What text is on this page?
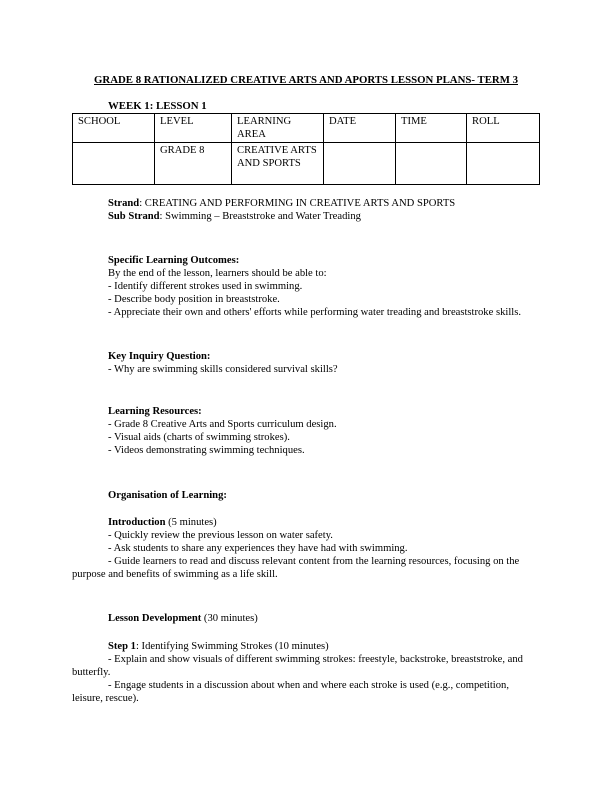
GRADE 8 RATIONALIZED CREATIVE ARTS AND APORTS LESSON PLANS- TERM 3
WEEK 1: LESSON 1
SCHOOL	LEVEL	LEARNING AREA	DATE	TIME	ROLL
	GRADE 8	CREATIVE ARTS AND SPORTS			

Strand: CREATING AND PERFORMING IN CREATIVE ARTS AND SPORTS

Sub Strand: Swimming – Breaststroke and Water Treading

Specific Learning Outcomes:

By the end of the lesson, learners should be able to:

- Identify different strokes used in swimming.

- Describe body position in breaststroke.

- Appreciate their own and others' efforts while performing water treading and breaststroke skills.

Key Inquiry Question:

- Why are swimming skills considered survival skills?

Learning Resources:

- Grade 8 Creative Arts and Sports curriculum design.

- Visual aids (charts of swimming strokes).

- Videos demonstrating swimming techniques.

Organisation of Learning:

Introduction (5 minutes)

- Quickly review the previous lesson on water safety.

- Ask students to share any experiences they have had with swimming.

- Guide learners to read and discuss relevant content from the learning resources, focusing on the purpose and benefits of swimming as a life skill.

Lesson Development (30 minutes)

Step 1: Identifying Swimming Strokes (10 minutes)

- Explain and show visuals of different swimming strokes: freestyle, backstroke, breaststroke, and butterfly.

- Engage students in a discussion about when and where each stroke is used (e.g., competition, leisure, rescue).
